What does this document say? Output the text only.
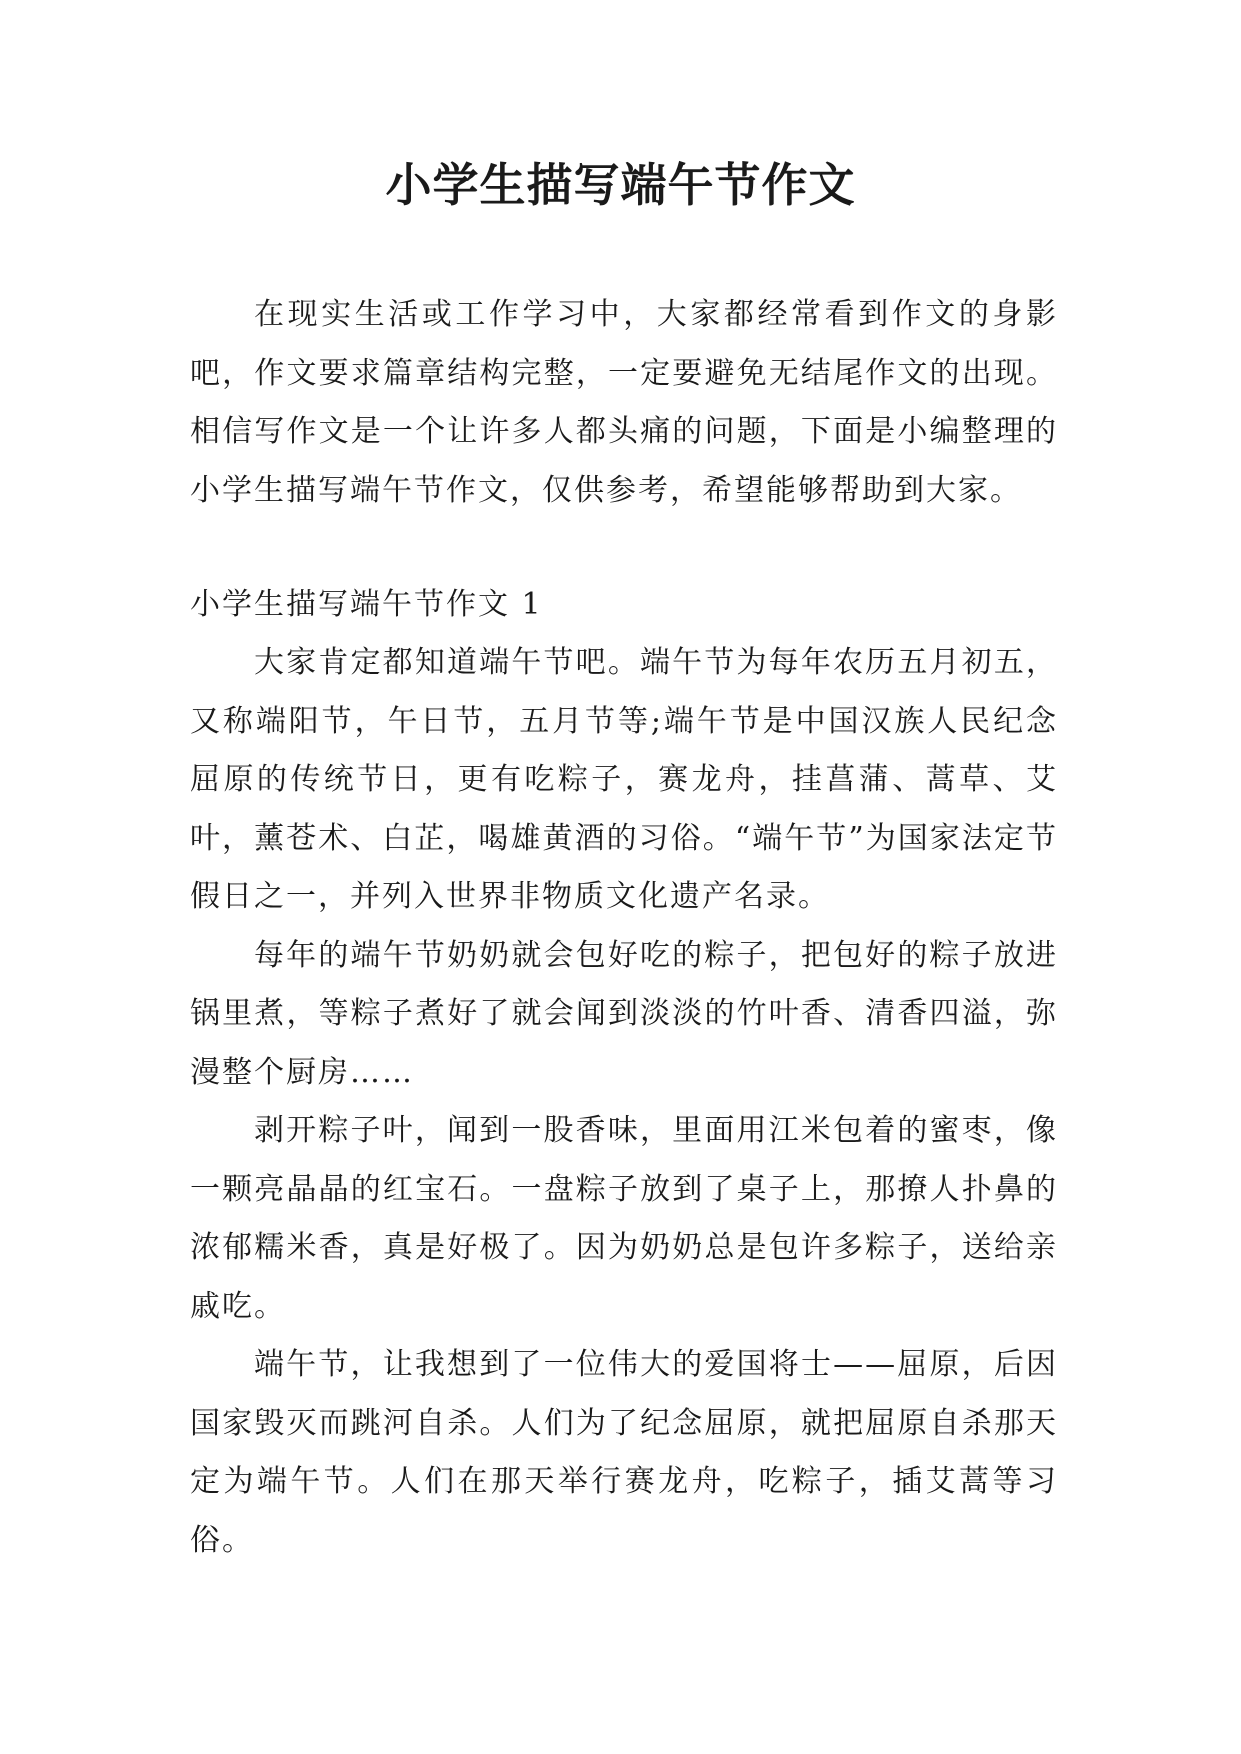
小学生描写端午节作文

在现实生活或工作学习中，大家都经常看到作文的身影吧，作文要求篇章结构完整，一定要避免无结尾作文的出现。相信写作文是一个让许多人都头痛的问题，下面是小编整理的小学生描写端午节作文，仅供参考，希望能够帮助到大家。

小学生描写端午节作文 1

大家肯定都知道端午节吧。端午节为每年农历五月初五，又称端阳节，午日节，五月节等;端午节是中国汉族人民纪念屈原的传统节日，更有吃粽子，赛龙舟，挂菖蒲、蒿草、艾叶，薰苍术、白芷，喝雄黄酒的习俗。“端午节”为国家法定节假日之一，并列入世界非物质文化遗产名录。

每年的端午节奶奶就会包好吃的粽子，把包好的粽子放进锅里煮，等粽子煮好了就会闻到淡淡的竹叶香、清香四溢，弥漫整个厨房……

剥开粽子叶，闻到一股香味，里面用江米包着的蜜枣，像一颗亮晶晶的红宝石。一盘粽子放到了桌子上，那撩人扑鼻的浓郁糯米香，真是好极了。因为奶奶总是包许多粽子，送给亲戚吃。

端午节，让我想到了一位伟大的爱国将士——屈原，后因国家毁灭而跳河自杀。人们为了纪念屈原，就把屈原自杀那天定为端午节。人们在那天举行赛龙舟，吃粽子，插艾蒿等习俗。
